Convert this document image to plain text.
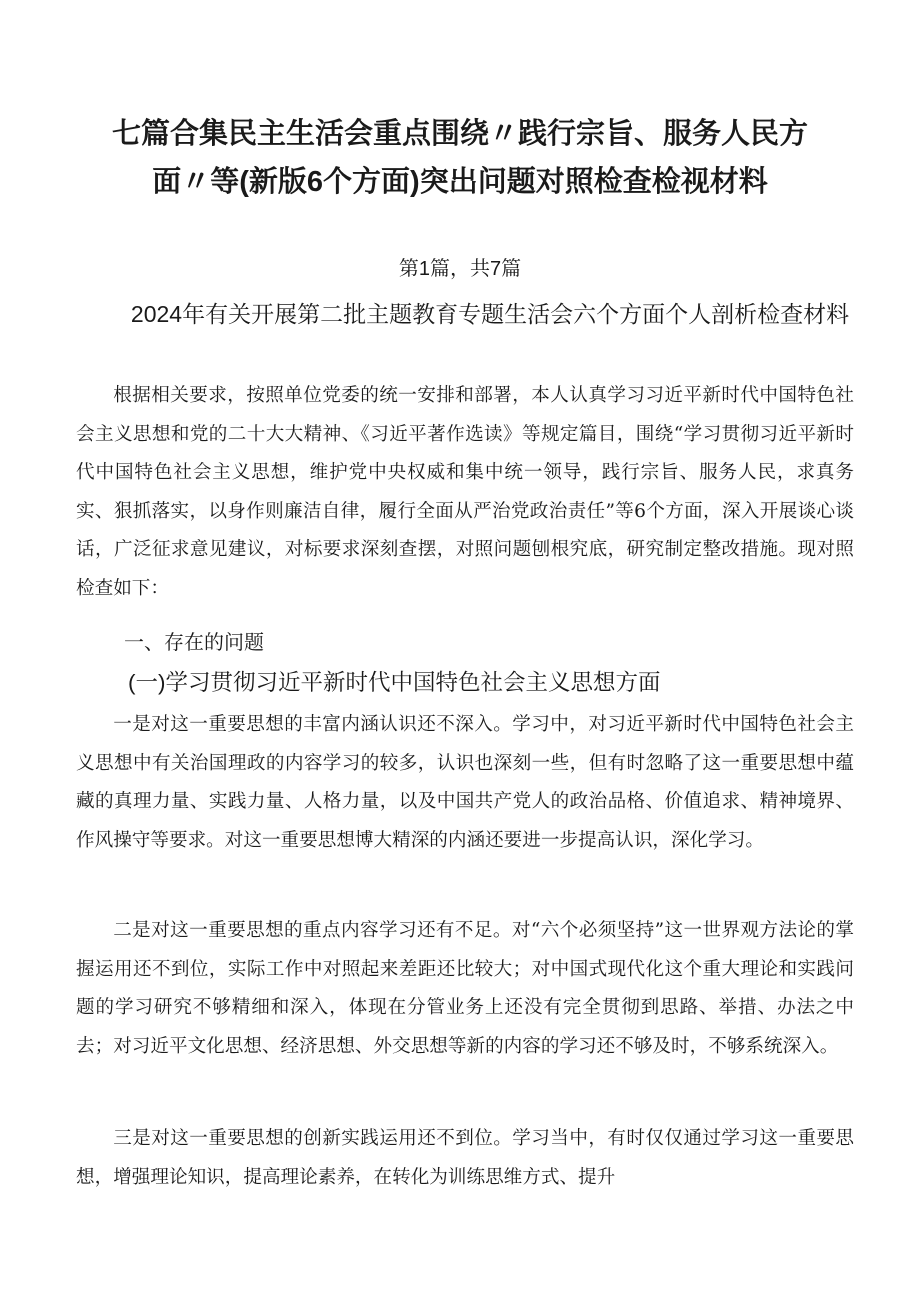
七篇合集民主生活会重点围绕〃践行宗旨、服务人民方面〃等(新版6个方面)突出问题对照检查检视材料
第1篇，共7篇
2024年有关开展第二批主题教育专题生活会六个方面个人剖析检查材料

根据相关要求，按照单位党委的统一安排和部署，本人认真学习习近平新时代中国特色社会主义思想和党的二十大大精神、《习近平著作选读》等规定篇目，围绕“学习贯彻习近平新时代中国特色社会主义思想，维护党中央权威和集中统一领导，践行宗旨、服务人民，求真务实、狠抓落实，以身作则廉洁自律，履行全面从严治党政治责任”等6个方面，深入开展谈心谈话，广泛征求意见建议，对标要求深刻查摆，对照问题刨根究底，研究制定整改措施。现对照检查如下：

一、存在的问题
(一)学习贯彻习近平新时代中国特色社会主义思想方面

一是对这一重要思想的丰富内涵认识还不深入。学习中，对习近平新时代中国特色社会主义思想中有关治国理政的内容学习的较多，认识也深刻一些，但有时忽略了这一重要思想中蕴藏的真理力量、实践力量、人格力量，以及中国共产党人的政治品格、价值追求、精神境界、作风操守等要求。对这一重要思想博大精深的内涵还要进一步提高认识，深化学习。

二是对这一重要思想的重点内容学习还有不足。对“六个必须坚持”这一世界观方法论的掌握运用还不到位，实际工作中对照起来差距还比较大；对中国式现代化这个重大理论和实践问题的学习研究不够精细和深入，体现在分管业务上还没有完全贯彻到思路、举措、办法之中去；对习近平文化思想、经济思想、外交思想等新的内容的学习还不够及时，不够系统深入。

三是对这一重要思想的创新实践运用还不到位。学习当中，有时仅仅通过学习这一重要思想，增强理论知识，提高理论素养，在转化为训练思维方式、提升
